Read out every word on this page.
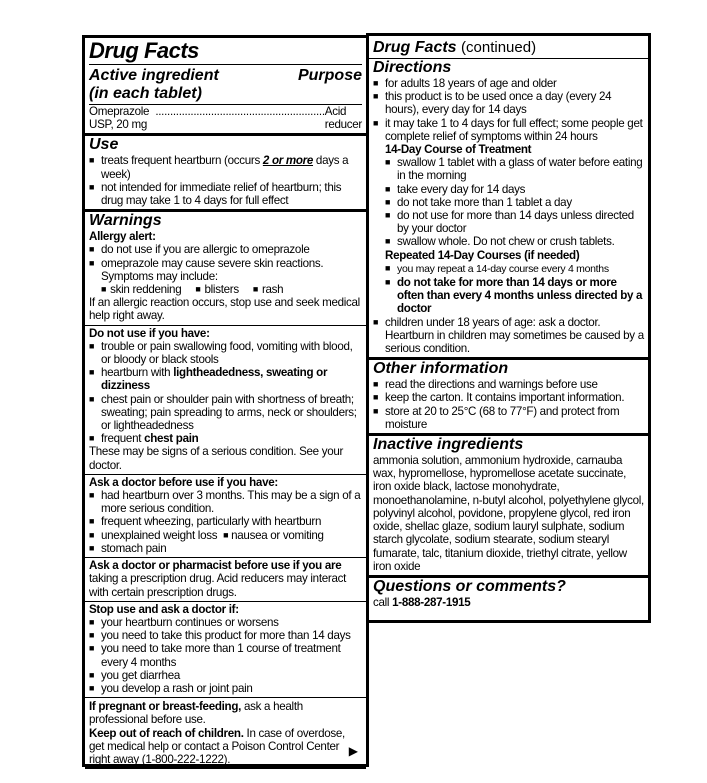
Drug Facts
Active ingredient	Purpose
(in each tablet)

Omeprazole USP, 20 mg
.......................................................... Acid reducer

Use
■ treats frequent heartburn (occurs 2 or more days a week)
■ not intended for immediate relief of heartburn; this drug may take 1 to 4 days for full effect
Warnings

Allergy alert:

■ do not use if you are allergic to omeprazole
■ omeprazole may cause severe skin reactions. Symptoms may include:

■ skin reddening ■ blisters ■ rash

If an allergic reaction occurs, stop use and seek medical help right away.

Do not use if you have:

■ trouble or pain swallowing food, vomiting with blood, or bloody or black stools
■ heartburn with lightheadedness, sweating or dizziness
■ chest pain or shoulder pain with shortness of breath; sweating; pain spreading to arms, neck or shoulders; or lightheadedness
■ frequent chest pain

These may be signs of a serious condition. See your doctor.

Ask a doctor before use if you have:

■ had heartburn over 3 months. This may be a sign of a more serious condition.
■ frequent wheezing, particularly with heartburn
■ unexplained weight loss ■ nausea or vomiting
■ stomach pain

Ask a doctor or pharmacist before use if you are

taking a prescription drug. Acid reducers may interact with certain prescription drugs.

Stop use and ask a doctor if:

■ your heartburn continues or worsens
■ you need to take this product for more than 14 days
■ you need to take more than 1 course of treatment every 4 months
■ you get diarrhea
■ you develop a rash or joint pain

If pregnant or breast-feeding, ask a health professional before use.

Keep out of reach of children. In case of overdose, get medical help or contact a Poison Control Center right away (1-800-222-1222).

▶
Drug Facts (continued)
Directions
■ for adults 18 years of age and older
■ this product is to be used once a day (every 24 hours), every day for 14 days
■ it may take 1 to 4 days for full effect; some people get complete relief of symptoms within 24 hours

14-Day Course of Treatment

■ swallow 1 tablet with a glass of water before eating in the morning
■ take every day for 14 days
■ do not take more than 1 tablet a day
■ do not use for more than 14 days unless directed by your doctor
■ swallow whole. Do not chew or crush tablets.

Repeated 14-Day Courses (if needed)

■ you may repeat a 14-day course every 4 months
■ do not take for more than 14 days or more often than every 4 months unless directed by a doctor
■ children under 18 years of age: ask a doctor. Heartburn in children may sometimes be caused by a serious condition.
Other information
■ read the directions and warnings before use
■ keep the carton. It contains important information.
■ store at 20 to 25°C (68 to 77°F) and protect from moisture
Inactive ingredients

ammonia solution, ammonium hydroxide, carnauba wax, hypromellose, hypromellose acetate succinate, iron oxide black, lactose monohydrate, monoethanolamine, n-butyl alcohol, polyethylene glycol, polyvinyl alcohol, povidone, propylene glycol, red iron oxide, shellac glaze, sodium lauryl sulphate, sodium starch glycolate, sodium stearate, sodium stearyl fumarate, talc, titanium dioxide, triethyl citrate, yellow iron oxide

Questions or comments?

call 1-888-287-1915
